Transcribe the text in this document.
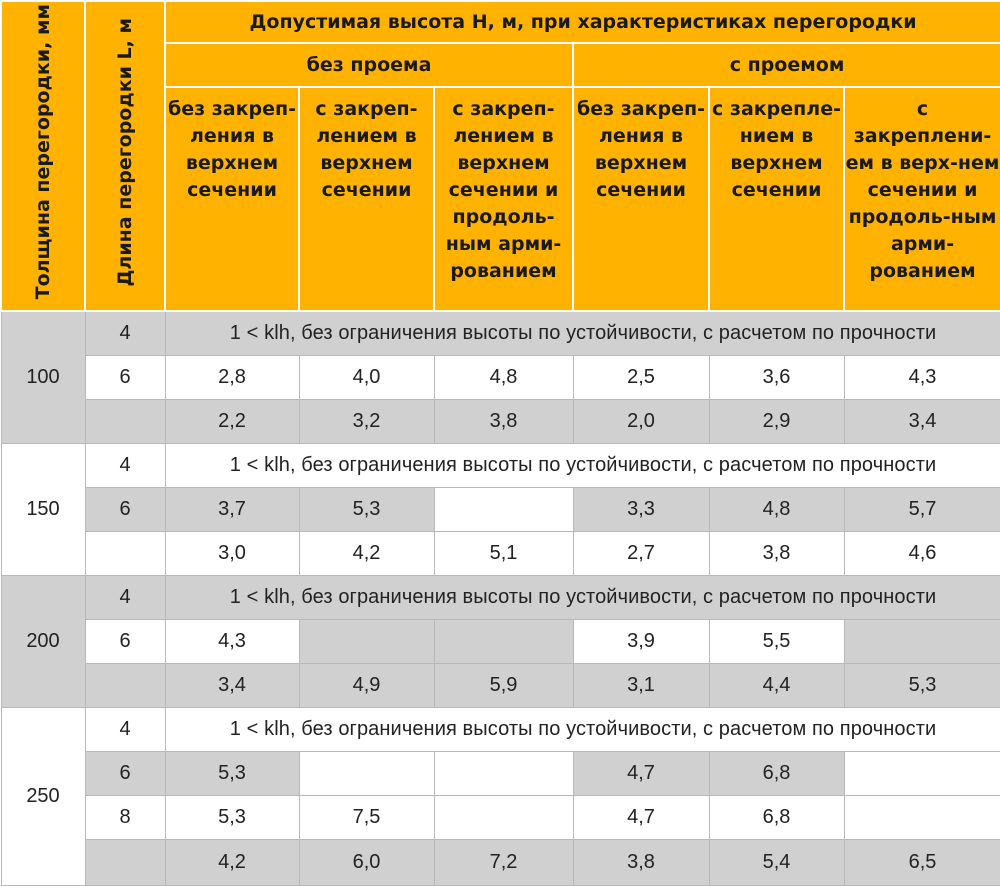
Толщина перегородки, мм	Длина перегородки L, м	Допустимая высота Н, м, при характеристиках перегородки					
		без проема			с проемом		
		без закреп-ления в верхнем сечении	с закреп-лением в верхнем сечении	с закреп-лением в верхнем сечении и продоль-ным арми-рованием	без закреп-ления в верхнем сечении	с закрепле-нием в верхнем сечении	с закреплени-ем в верх-нем сечении и продоль-ным арми-рованием
100	4	1 < klh, без ограничения высоты по устойчивости, с расчетом по прочности					
	6	2,8	4,0	4,8	2,5	3,6	4,3
		2,2	3,2	3,8	2,0	2,9	3,4
150	4	1 < klh, без ограничения высоты по устойчивости, с расчетом по прочности					
	6	3,7	5,3		3,3	4,8	5,7
		3,0	4,2	5,1	2,7	3,8	4,6
200	4	1 < klh, без ограничения высоты по устойчивости, с расчетом по прочности					
	6	4,3			3,9	5,5	
		3,4	4,9	5,9	3,1	4,4	5,3
250	4	1 < klh, без ограничения высоты по устойчивости, с расчетом по прочности					
	6	5,3			4,7	6,8	
	8	5,3	7,5		4,7	6,8	
		4,2	6,0	7,2	3,8	5,4	6,5
